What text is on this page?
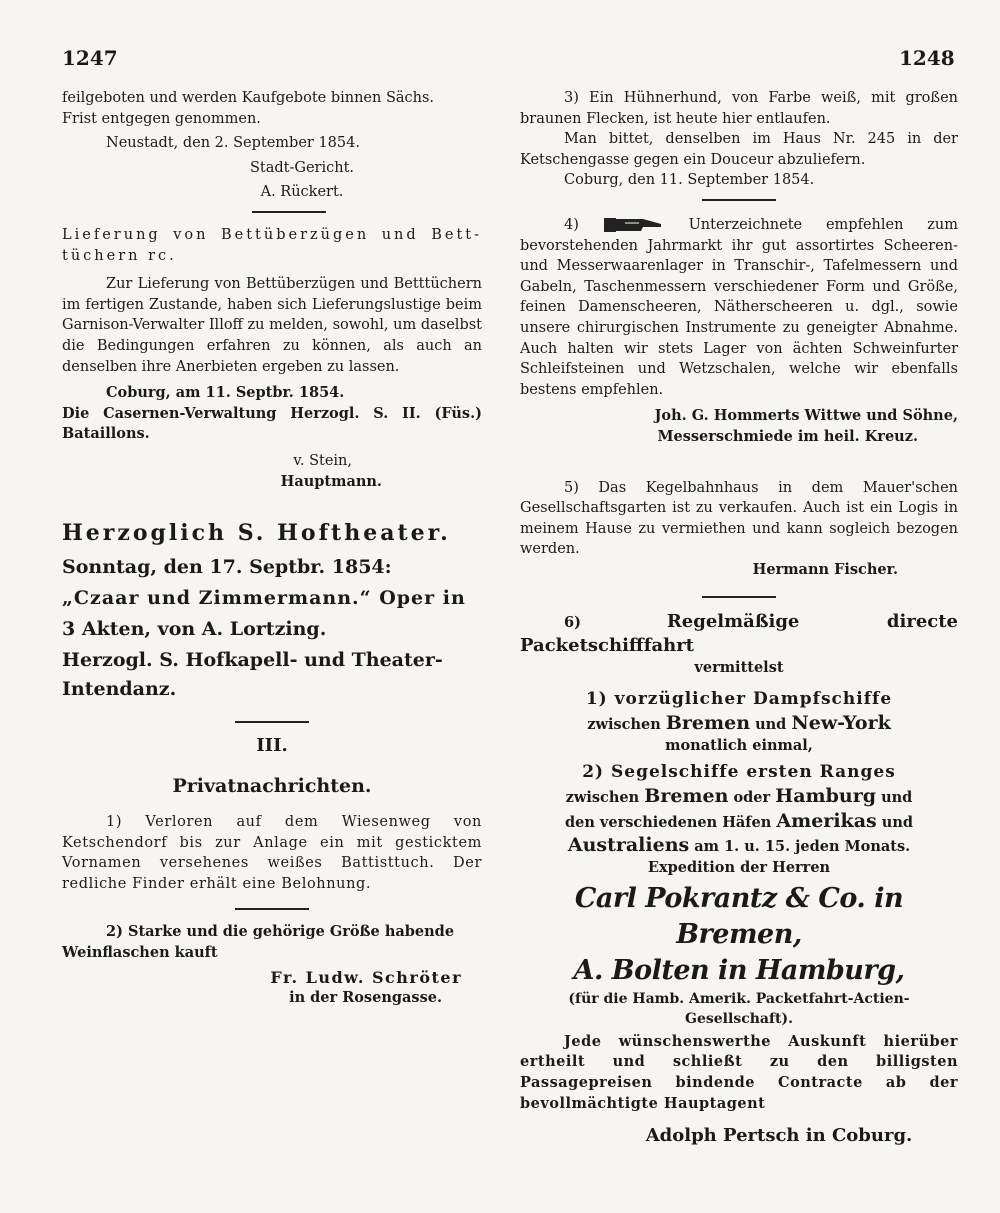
1247	1248

feilgeboten und werden Kaufgebote binnen Sächs.

Frist entgegen genommen.

Neustadt, den 2. September 1854.

Stadt-Gericht.

A. Rückert.

Lieferung von Bettüberzügen und Bett-tüchern rc.

Zur Lieferung von Bettüberzügen und Betttüchern im fertigen Zustande, haben sich Lieferungslustige beim Garnison-Verwalter Illoff zu melden, sowohl, um daselbst die Bedingungen erfahren zu können, als auch an denselben ihre Anerbieten ergeben zu lassen.

Coburg, am 11. Septbr. 1854.

Die Casernen-Verwaltung Herzogl. S. II. (Füs.) Bataillons.

v. Stein,

Hauptmann.

Herzoglich S. Hoftheater.

Sonntag, den 17. Septbr. 1854:

„Czaar und Zimmermann.“ Oper in

3 Akten, von A. Lortzing.

Herzogl. S. Hofkapell- und Theater-

Intendanz.

III.

Privatnachrichten.

1) Verloren auf dem Wiesenweg von Ketschendorf bis zur Anlage ein mit gesticktem Vornamen versehenes weißes Battisttuch. Der redliche Finder erhält eine Belohnung.

2) Starke und die gehörige Größe habende

Weinflaschen kauft

Fr. Ludw. Schröter

in der Rosengasse.

3) Ein Hühnerhund, von Farbe weiß, mit großen braunen Flecken, ist heute hier entlaufen.

Man bittet, denselben im Haus Nr. 245 in der Ketschengasse gegen ein Douceur abzuliefern.

Coburg, den 11. September 1854.

4)	Unterzeichnete empfehlen zum bevorstehenden Jahrmarkt ihr gut assortirtes Scheeren- und Messerwaarenlager in Transchir-, Tafelmessern und Gabeln, Taschenmessern verschiedener Form und Größe, feinen Damenscheeren, Nätherscheeren u. dgl., sowie unsere chirurgischen Instrumente zu geneigter Abnahme. Auch halten wir stets Lager von ächten Schweinfurter Schleifsteinen und Wetzschalen, welche wir ebenfalls bestens empfehlen.

Joh. G. Hommerts Wittwe und Söhne,

Messerschmiede im heil. Kreuz.

5) Das Kegelbahnhaus in dem Mauer'schen Gesellschaftsgarten ist zu verkaufen. Auch ist ein Logis in meinem Hause zu vermiethen und kann sogleich bezogen werden.

Hermann Fischer.

6)	Regelmäßige directe Packetschifffahrt

vermittelst

1) vorzüglicher Dampfschiffe

zwischen Bremen und New-York

monatlich einmal,

2) Segelschiffe ersten Ranges

zwischen Bremen oder Hamburg und

den verschiedenen Häfen Amerikas und

Australiens am 1. u. 15. jeden Monats.

Expedition der Herren

Carl Pokrantz & Co. in Bremen,

A. Bolten in Hamburg,

(für die Hamb. Amerik. Packetfahrt-Actien-Gesellschaft).

Jede wünschenswerthe Auskunft hierüber ertheilt und schließt zu den billigsten Passagepreisen bindende Contracte ab der bevollmächtigte Hauptagent

Adolph Pertsch in Coburg.
